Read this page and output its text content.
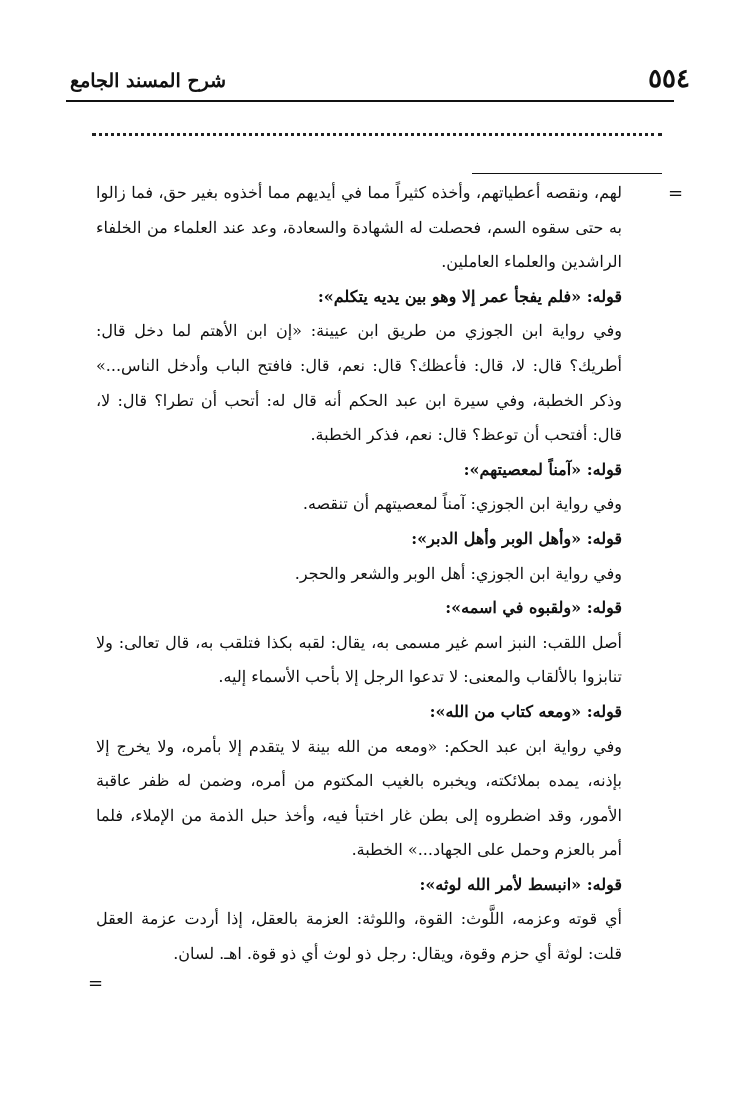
٥٥٤
شرح المسند الجامع
=
=

لهم، ونقصه أعطياتهم، وأخذه كثيراً مما في أيديهم مما أخذوه بغير حق، فما زالوا به حتى سقوه السم، فحصلت له الشهادة والسعادة، وعد عند العلماء من الخلفاء الراشدين والعلماء العاملين.

قوله: «فلم يفجأ عمر إلا وهو بين يديه يتكلم»:

وفي رواية ابن الجوزي من طريق ابن عيينة: «إن ابن الأهتم لما دخل قال: أطريك؟ قال: لا، قال: فأعظك؟ قال: نعم، قال: فافتح الباب وأدخل الناس...» وذكر الخطبة، وفي سيرة ابن عبد الحكم أنه قال له: أتحب أن تطرا؟ قال: لا، قال: أفتحب أن توعظ؟ قال: نعم، فذكر الخطبة.

قوله: «آمناً لمعصيتهم»:

وفي رواية ابن الجوزي: آمناً لمعصيتهم أن تنقصه.

قوله: «وأهل الوبر وأهل الدبر»:

وفي رواية ابن الجوزي: أهل الوبر والشعر والحجر.

قوله: «ولقبوه في اسمه»:

أصل اللقب: النبز اسم غير مسمى به، يقال: لقبه بكذا فتلقب به، قال تعالى: ولا تنابزوا بالألقاب والمعنى: لا تدعوا الرجل إلا بأحب الأسماء إليه.

قوله: «ومعه كتاب من الله»:

وفي رواية ابن عبد الحكم: «ومعه من الله بينة لا يتقدم إلا بأمره، ولا يخرج إلا بإذنه، يمده بملائكته، ويخبره بالغيب المكتوم من أمره، وضمن له ظفر عاقبة الأمور، وقد اضطروه إلى بطن غار اختبأ فيه، وأخذ حبل الذمة من الإملاء، فلما أمر بالعزم وحمل على الجهاد...» الخطبة.

قوله: «انبسط لأمر الله لوثه»:

أي قوته وعزمه، اللَّوث: القوة، واللوثة: العزمة بالعقل، إذا أردت عزمة العقل قلت: لوثة أي حزم وقوة، ويقال: رجل ذو لوث أي ذو قوة. اهـ. لسان.
